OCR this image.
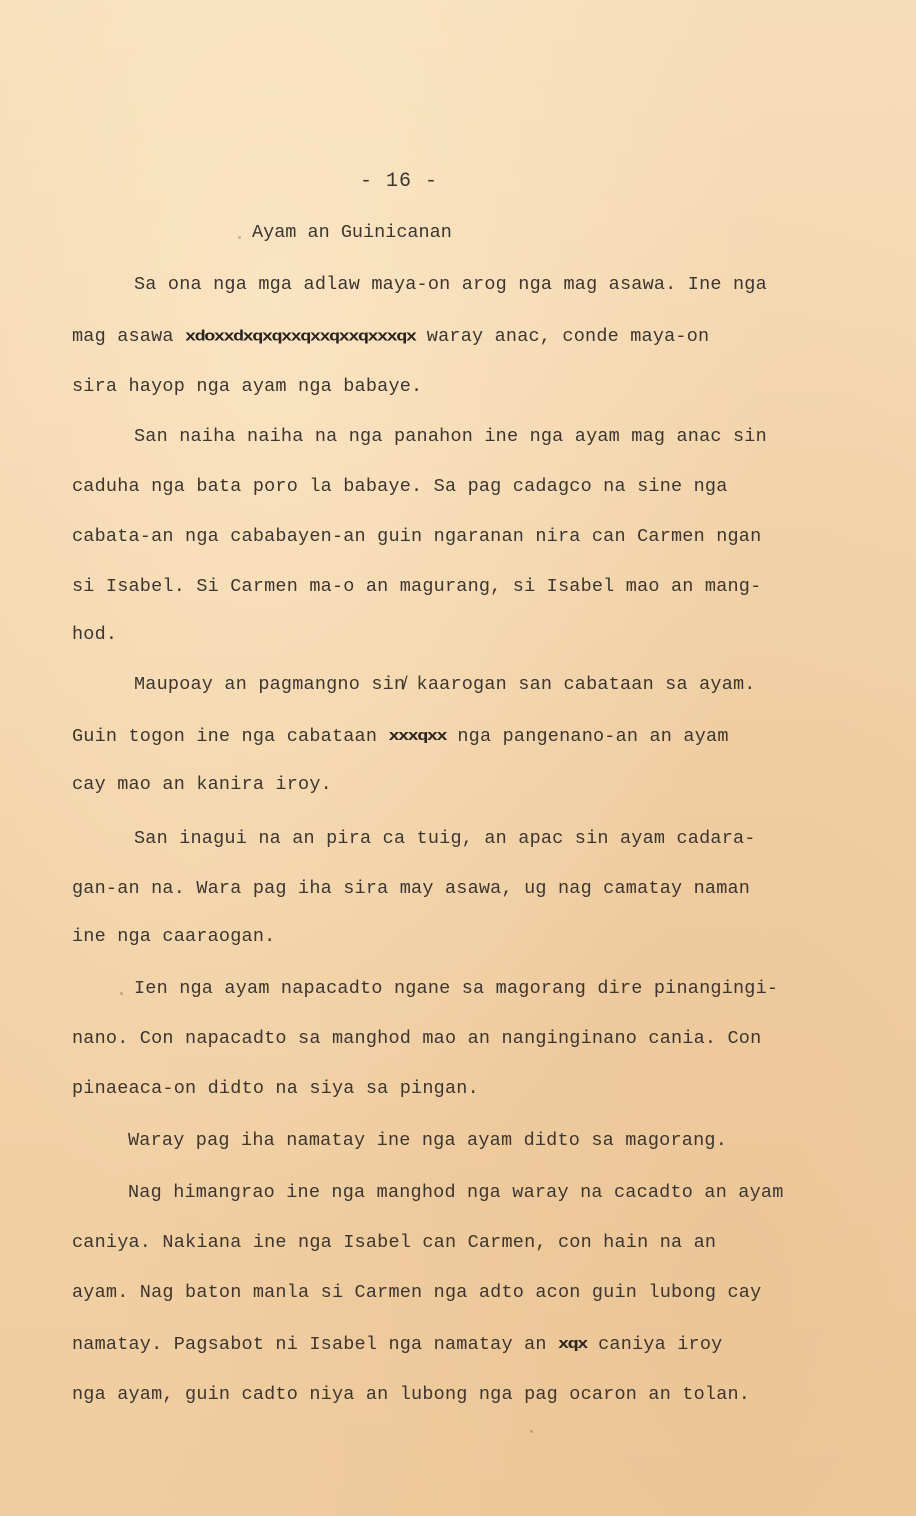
- 16 -
Ayam an Guinicanan
Sa ona nga mga adlaw maya-on arog nga mag asawa. Ine nga
mag asawa xdoxxdxqxqxxqxxqxxqxxxqx waray anac, conde maya-on
sira hayop nga ayam nga babaye.
San naiha naiha na nga panahon ine nga ayam mag anac sin
caduha nga bata poro la babaye. Sa pag cadagco na sine nga
cabata-an nga cababayen-an guin ngaranan nira can Carmen ngan
si Isabel. Si Carmen ma-o an magurang, si Isabel mao an mang-
hod.
Maupoay an pagmangno sin̸ kaarogan san cabataan sa ayam.
Guin togon ine nga cabataan xxxqxx nga pangenano-an an ayam
cay mao an kanira iroy.
San inagui na an pira ca tuig, an apac sin ayam cadara-
gan-an na. Wara pag iha sira may asawa, ug nag camatay naman
ine nga caaraogan.
Ien nga ayam napacadto ngane sa magorang dire pinangingi-
nano. Con napacadto sa manghod mao an nanginginano cania. Con
pinaeaca-on didto na siya sa pingan.
Waray pag iha namatay ine nga ayam didto sa magorang.
Nag himangrao ine nga manghod nga waray na cacadto an ayam
caniya. Nakiana ine nga Isabel can Carmen, con hain na an
ayam. Nag baton manla si Carmen nga adto acon guin lubong cay
namatay. Pagsabot ni Isabel nga namatay an xqx caniya iroy
nga ayam, guin cadto niya an lubong nga pag ocaron an tolan.
